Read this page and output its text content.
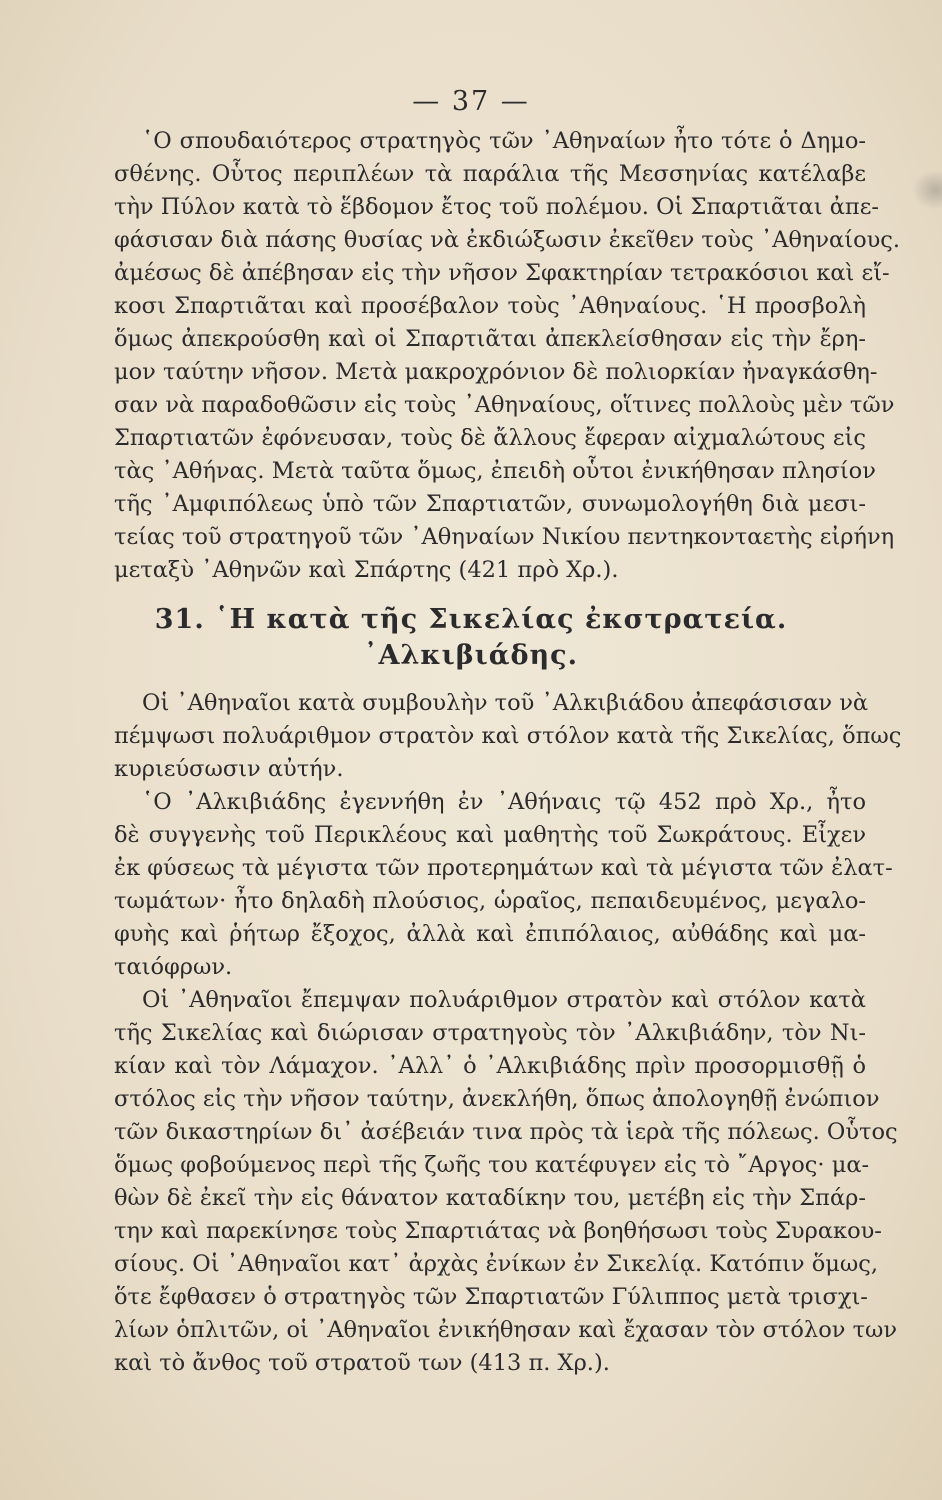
— 37 —
῾Ο σπουδαιότερος στρατηγὸς τῶν ᾿Αθηναίων ἦτο τότε ὁ Δημο-
σθένης. Οὗτος περιπλέων τὰ παράλια τῆς Μεσσηνίας κατέλαβε
τὴν Πύλον κατὰ τὸ ἕβδομον ἔτος τοῦ πολέμου. Οἱ Σπαρτιᾶται ἀπε-
φάσισαν διὰ πάσης θυσίας νὰ ἐκδιώξωσιν ἐκεῖθεν τοὺς ᾿Αθηναίους.
ἀμέσως δὲ ἀπέβησαν εἰς τὴν νῆσον Σφακτηρίαν τετρακόσιοι καὶ εἴ-
κοσι Σπαρτιᾶται καὶ προσέβαλον τοὺς ᾿Αθηναίους. ῾Η προσβολὴ
ὅμως ἀπεκρούσθη καὶ οἱ Σπαρτιᾶται ἀπεκλείσθησαν εἰς τὴν ἔρη-
μον ταύτην νῆσον. Μετὰ μακροχρόνιον δὲ πολιορκίαν ἠναγκάσθη-
σαν νὰ παραδοθῶσιν εἰς τοὺς ᾿Αθηναίους, οἵτινες πολλοὺς μὲν τῶν
Σπαρτιατῶν ἐφόνευσαν, τοὺς δὲ ἄλλους ἔφεραν αἰχμαλώτους εἰς
τὰς ᾿Αθήνας. Μετὰ ταῦτα ὅμως, ἐπειδὴ οὗτοι ἐνικήθησαν πλησίον
τῆς ᾿Αμφιπόλεως ὑπὸ τῶν Σπαρτιατῶν, συνωμολογήθη διὰ μεσι-
τείας τοῦ στρατηγοῦ τῶν ᾿Αθηναίων Νικίου πεντηκονταετὴς εἰρήνη
μεταξὺ ᾿Αθηνῶν καὶ Σπάρτης (421 πρὸ Χρ.).
31. ῾Η κατὰ τῆς Σικελίας ἐκστρατεία.
᾿Αλκιβιάδης.
Οἱ ᾿Αθηναῖοι κατὰ συμβουλὴν τοῦ ᾿Αλκιβιάδου ἀπεφάσισαν νὰ
πέμψωσι πολυάριθμον στρατὸν καὶ στόλον κατὰ τῆς Σικελίας, ὅπως
κυριεύσωσιν αὐτήν.
῾Ο ᾿Αλκιβιάδης ἐγεννήθη ἐν ᾿Αθήναις τῷ 452 πρὸ Χρ., ἦτο
δὲ συγγενὴς τοῦ Περικλέους καὶ μαθητὴς τοῦ Σωκράτους. Εἶχεν
ἐκ φύσεως τὰ μέγιστα τῶν προτερημάτων καὶ τὰ μέγιστα τῶν ἐλατ-
τωμάτων· ἦτο δηλαδὴ πλούσιος, ὡραῖος, πεπαιδευμένος, μεγαλο-
φυὴς καὶ ῥήτωρ ἔξοχος, ἀλλὰ καὶ ἐπιπόλαιος, αὐθάδης καὶ μα-
ταιόφρων.
Οἱ ᾿Αθηναῖοι ἔπεμψαν πολυάριθμον στρατὸν καὶ στόλον κατὰ
τῆς Σικελίας καὶ διώρισαν στρατηγοὺς τὸν ᾿Αλκιβιάδην, τὸν Νι-
κίαν καὶ τὸν Λάμαχον. ᾿Αλλ᾿ ὁ ᾿Αλκιβιάδης πρὶν προσορμισθῇ ὁ
στόλος εἰς τὴν νῆσον ταύτην, ἀνεκλήθη, ὅπως ἀπολογηθῇ ἐνώπιον
τῶν δικαστηρίων δι᾿ ἀσέβειάν τινα πρὸς τὰ ἱερὰ τῆς πόλεως. Οὗτος
ὅμως φοβούμενος περὶ τῆς ζωῆς του κατέφυγεν εἰς τὸ ῎Αργος· μα-
θὼν δὲ ἐκεῖ τὴν εἰς θάνατον καταδίκην του, μετέβη εἰς τὴν Σπάρ-
την καὶ παρεκίνησε τοὺς Σπαρτιάτας νὰ βοηθήσωσι τοὺς Συρακου-
σίους. Οἱ ᾿Αθηναῖοι κατ᾿ ἀρχὰς ἐνίκων ἐν Σικελίᾳ. Κατόπιν ὅμως,
ὅτε ἔφθασεν ὁ στρατηγὸς τῶν Σπαρτιατῶν Γύλιππος μετὰ τρισχι-
λίων ὁπλιτῶν, οἱ ᾿Αθηναῖοι ἐνικήθησαν καὶ ἔχασαν τὸν στόλον των
καὶ τὸ ἄνθος τοῦ στρατοῦ των (413 π. Χρ.).
